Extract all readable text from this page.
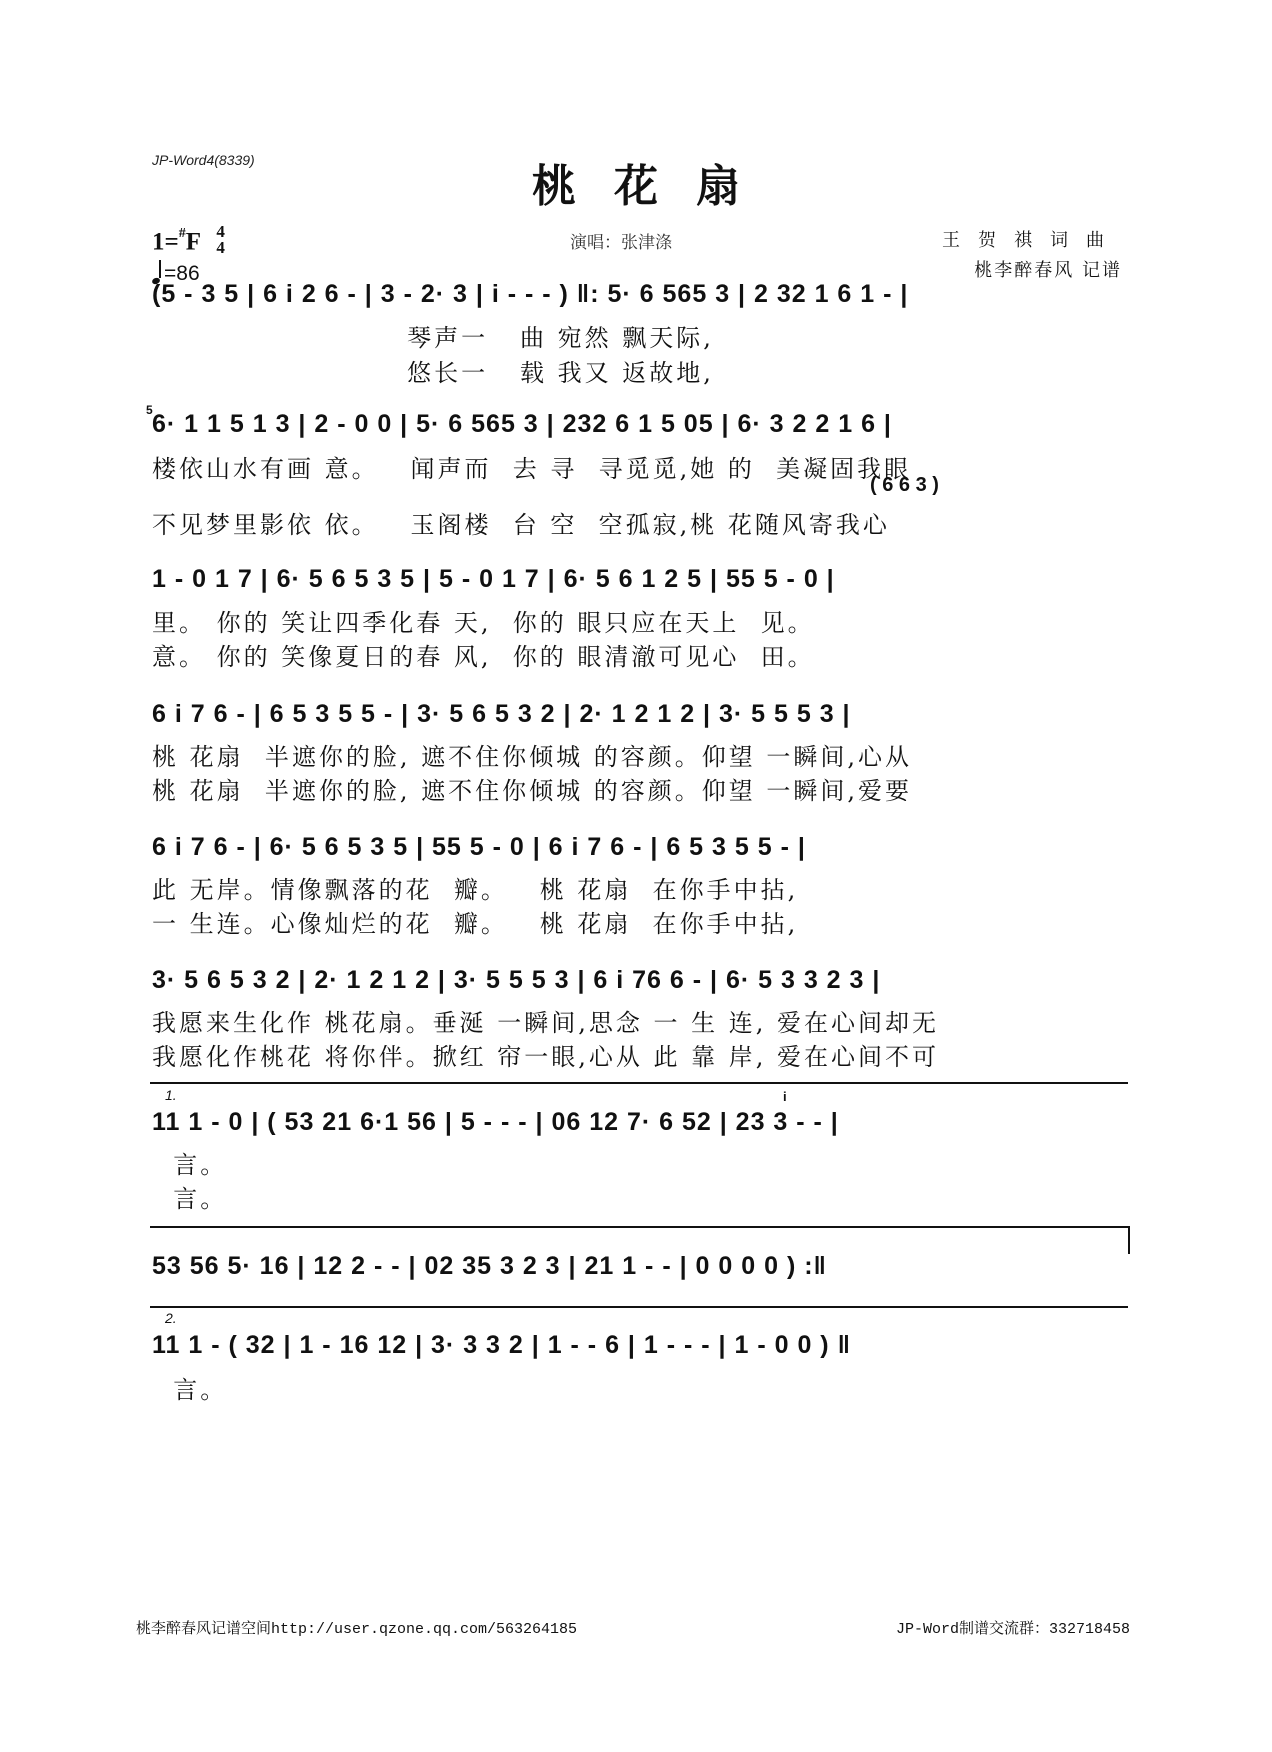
JP-Word4(8339)
桃花扇
1=#F 4
4
=86
演唱：张津涤	王贺祺词曲
桃李醉春风 记谱
(5 - 3 5 | 6 i 2 6 - | 3 - 2· 3 | i - - - ) ‖: 5· 6 565 3 | 2 32 1 6 1 - |
琴声一   曲 宛然 飘天际,
悠长一   载 我又 返故地,
5 6· 1 1 5 1 3 | 2 - 0 0 | 5· 6 565 3 | 232 6 1 5 05 | 6· 3 2 2 1 6 |
楼依山水有画 意。   闻声而  去 寻  寻觅觅,她 的  美凝固我眼
( 6 6 3 )
不见梦里影依 依。   玉阁楼  台 空  空孤寂,桃 花随风寄我心
1 - 0 1 7 | 6· 5 6 5 3 5 | 5 - 0 1 7 | 6· 5 6 1 2 5 | 55 5 - 0 |
里。 你的 笑让四季化春 天,  你的 眼只应在天上  见。
意。 你的 笑像夏日的春 风,  你的 眼清澈可见心  田。
6 i 7 6 - | 6 5 3 5 5 - | 3· 5 6 5 3 2 | 2· 1 2 1 2 | 3· 5 5 5 3 |
桃 花扇  半遮你的脸, 遮不住你倾城 的容颜。仰望 一瞬间,心从
桃 花扇  半遮你的脸, 遮不住你倾城 的容颜。仰望 一瞬间,爱要
6 i 7 6 - | 6· 5 6 5 3 5 | 55 5 - 0 | 6 i 7 6 - | 6 5 3 5 5 - |
此 无岸。情像飘落的花  瓣。   桃 花扇  在你手中拈,
一 生连。心像灿烂的花  瓣。   桃 花扇  在你手中拈,
3· 5 6 5 3 2 | 2· 1 2 1 2 | 3· 5 5 5 3 | 6 i 76 6 - | 6· 5 3 3 2 3 |
我愿来生化作 桃花扇。垂涎 一瞬间,思念 一 生 连, 爱在心间却无
我愿化作桃花 将你伴。掀红 帘一眼,心从 此 靠 岸, 爱在心间不可
1.	i
11 1 - 0 | ( 53 21 6·1 56 | 5 - - - | 06 12 7· 6 52 | 23 3 - - |
言。
言。
53 56 5· 16 | 12 2 - - | 02 35 3 2 3 | 21 1 - - | 0 0 0 0 ) :‖
2.
11 1 - ( 32 | 1 - 16 12 | 3· 3 3 2 | 1 - - 6 | 1 - - - | 1 - 0 0 ) ‖
言。
桃李醉春风记谱空间http://user.qzone.qq.com/563264185	JP-Word制谱交流群：332718458
